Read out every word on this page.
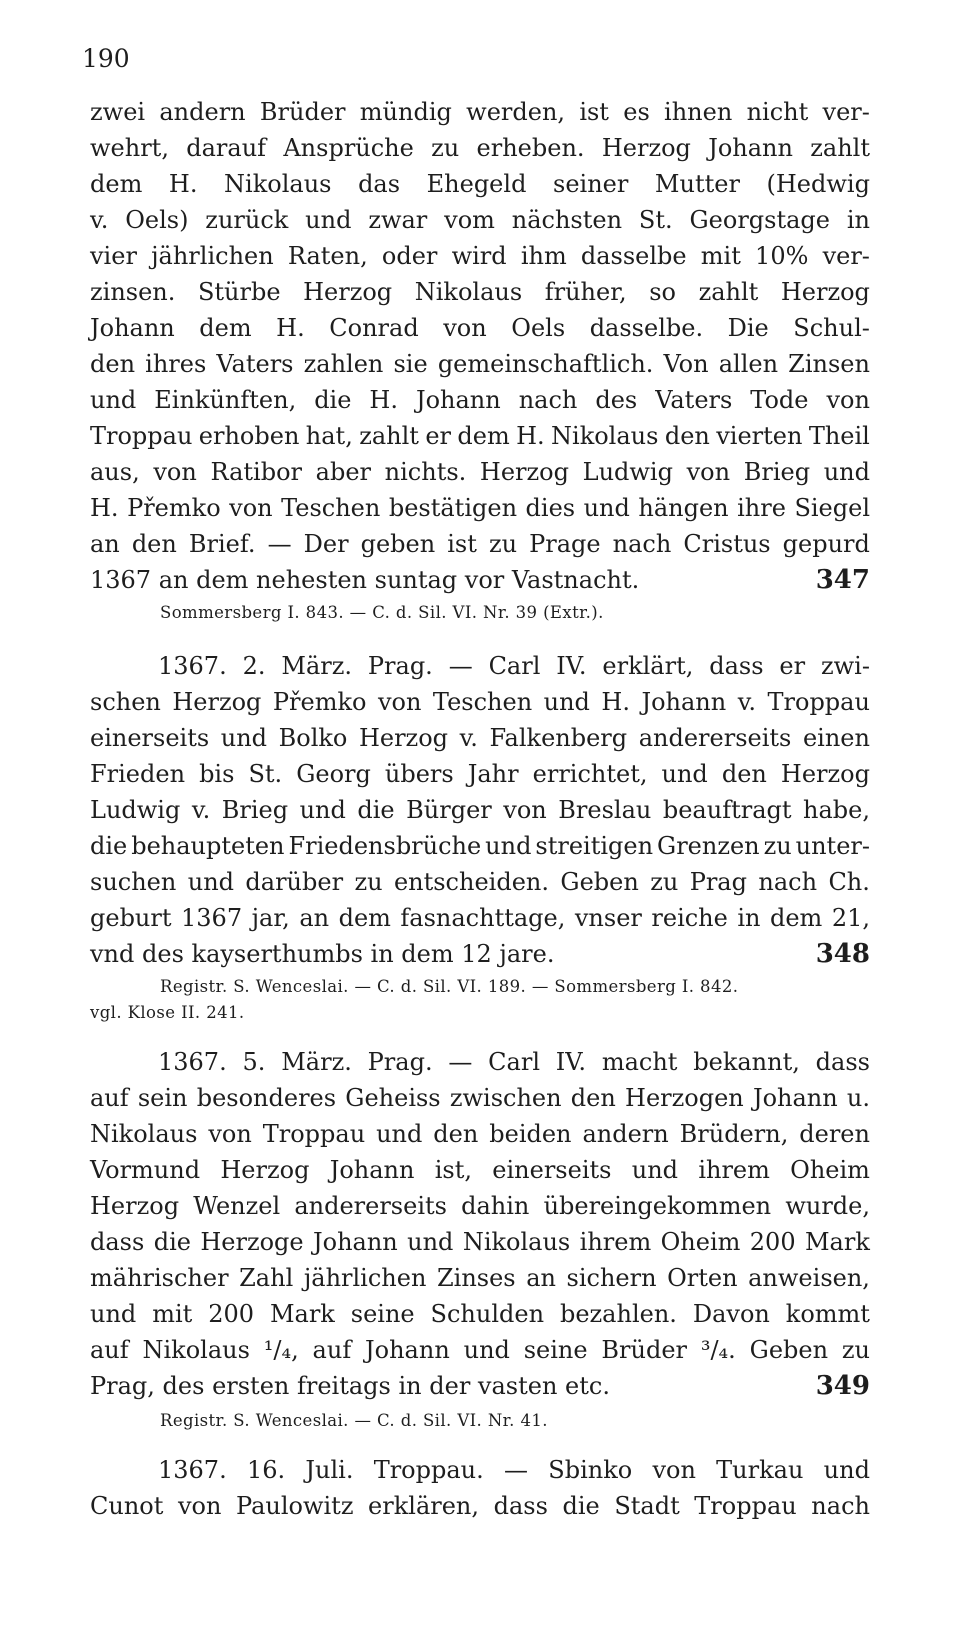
190
zwei andern Brüder mündig werden, ist es ihnen nicht ver-
wehrt, darauf Ansprüche zu erheben. Herzog Johann zahlt
dem H. Nikolaus das Ehegeld seiner Mutter (Hedwig
v. Oels) zurück und zwar vom nächsten St. Georgstage in
vier jährlichen Raten, oder wird ihm dasselbe mit 10% ver-
zinsen. Stürbe Herzog Nikolaus früher, so zahlt Herzog
Johann dem H. Conrad von Oels dasselbe. Die Schul-
den ihres Vaters zahlen sie gemeinschaftlich. Von allen Zinsen
und Einkünften, die H. Johann nach des Vaters Tode von
Troppau erhoben hat, zahlt er dem H. Nikolaus den vierten Theil
aus, von Ratibor aber nichts. Herzog Ludwig von Brieg und
H. Přemko von Teschen bestätigen dies und hängen ihre Siegel
an den Brief. — Der geben ist zu Prage nach Cristus gepurd
1367 an dem nehesten suntag vor Vastnacht.	347
Sommersberg I. 843. — C. d. Sil. VI. Nr. 39 (Extr.).
1367. 2. März. Prag. — Carl IV. erklärt, dass er zwi-
schen Herzog Přemko von Teschen und H. Johann v. Troppau
einerseits und Bolko Herzog v. Falkenberg andererseits einen
Frieden bis St. Georg übers Jahr errichtet, und den Herzog
Ludwig v. Brieg und die Bürger von Breslau beauftragt habe,
die behaupteten Friedensbrüche und streitigen Grenzen zu unter-
suchen und darüber zu entscheiden. Geben zu Prag nach Ch.
geburt 1367 jar, an dem fasnachttage, vnser reiche in dem 21,
vnd des kayserthumbs in dem 12 jare.	348
Registr. S. Wenceslai. — C. d. Sil. VI. 189. — Sommersberg I. 842.
vgl. Klose II. 241.
1367. 5. März. Prag. — Carl IV. macht bekannt, dass
auf sein besonderes Geheiss zwischen den Herzogen Johann u.
Nikolaus von Troppau und den beiden andern Brüdern, deren
Vormund Herzog Johann ist, einerseits und ihrem Oheim
Herzog Wenzel andererseits dahin übereingekommen wurde,
dass die Herzoge Johann und Nikolaus ihrem Oheim 200 Mark
mährischer Zahl jährlichen Zinses an sichern Orten anweisen,
und mit 200 Mark seine Schulden bezahlen. Davon kommt
auf Nikolaus ¹/₄, auf Johann und seine Brüder ³/₄. Geben zu
Prag, des ersten freitags in der vasten etc.	349
Registr. S. Wenceslai. — C. d. Sil. VI. Nr. 41.
1367. 16. Juli. Troppau. — Sbinko von Turkau und
Cunot von Paulowitz erklären, dass die Stadt Troppau nach
